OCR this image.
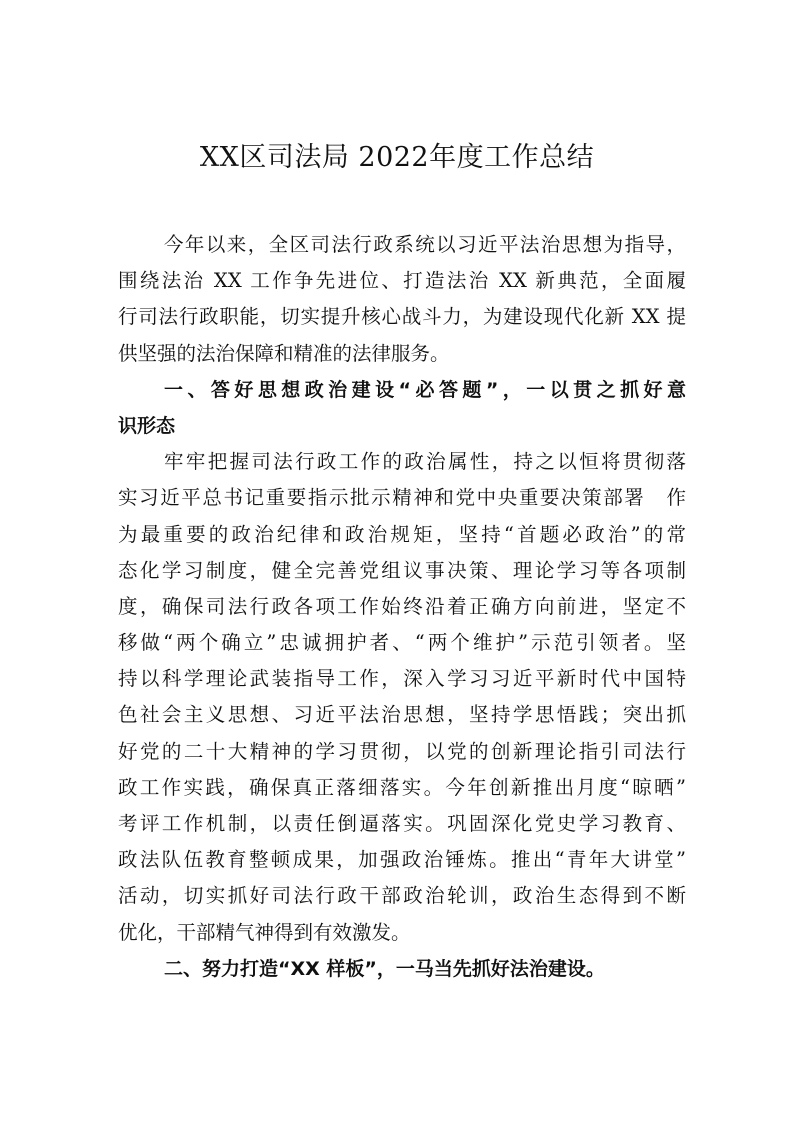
XX区司法局 2022年度工作总结
今年以来，全区司法行政系统以习近平法治思想为指导，
围绕法治 XX 工作争先进位、打造法治 XX 新典范，全面履
行司法行政职能，切实提升核心战斗力，为建设现代化新 XX 提
供坚强的法治保障和精准的法律服务。
一、答好思想政治建设“必答题”，一以贯之抓好意
识形态
牢牢把握司法行政工作的政治属性，持之以恒将贯彻落
实习近平总书记重要指示批示精神和党中央重要决策部署　作
为最重要的政治纪律和政治规矩，坚持“首题必政治”的常
态化学习制度，健全完善党组议事决策、理论学习等各项制
度，确保司法行政各项工作始终沿着正确方向前进，坚定不
移做“两个确立”忠诚拥护者、“两个维护”示范引领者。坚
持以科学理论武装指导工作，深入学习习近平新时代中国特
色社会主义思想、习近平法治思想，坚持学思悟践；突出抓
好党的二十大精神的学习贯彻，以党的创新理论指引司法行
政工作实践，确保真正落细落实。今年创新推出月度“晾晒”
考评工作机制，以责任倒逼落实。巩固深化党史学习教育、
政法队伍教育整顿成果，加强政治锤炼。推出“青年大讲堂”
活动，切实抓好司法行政干部政治轮训，政治生态得到不断
优化，干部精气神得到有效激发。
二、努力打造“XX 样板”，一马当先抓好法治建设。
